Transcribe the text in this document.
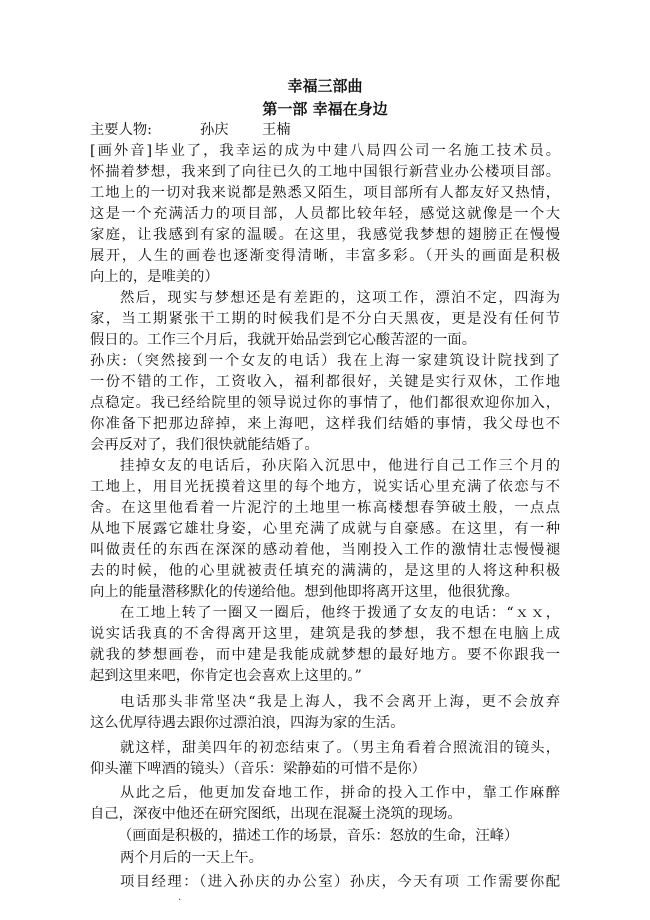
幸福三部曲

第一部 幸福在身边

主要人物:	孙庆 王楠

[画外音]毕业了，我幸运的成为中建八局四公司一名施工技术员。

怀揣着梦想，我来到了向往已久的工地中国银行新营业办公楼项目部。

工地上的一切对我来说都是熟悉又陌生，项目部所有人都友好又热情，

这是一个充满活力的项目部，人员都比较年轻，感觉这就像是一个大

家庭，让我感到有家的温暖。在这里，我感觉我梦想的翅膀正在慢慢

展开，人生的画卷也逐渐变得清晰，丰富多彩。（开头的画面是积极

向上的，是唯美的）

然后，现实与梦想还是有差距的，这项工作，漂泊不定，四海为

家，当工期紧张干工期的时候我们是不分白天黑夜，更是没有任何节

假日的。工作三个月后，我就开始品尝到它心酸苦涩的一面。

孙庆:（突然接到一个女友的电话）我在上海一家建筑设计院找到了

一份不错的工作，工资收入，福利都很好，关键是实行双休，工作地

点稳定。我已经给院里的领导说过你的事情了，他们都很欢迎你加入，

你准备下把那边辞掉，来上海吧，这样我们结婚的事情，我父母也不

会再反对了，我们很快就能结婚了。

挂掉女友的电话后，孙庆陷入沉思中，他进行自己工作三个月的

工地上，用目光抚摸着这里的每个地方，说实话心里充满了依恋与不

舍。在这里他看着一片泥泞的土地里一栋高楼想春笋破土般，一点点

从地下展露它雄壮身姿，心里充满了成就与自豪感。在这里，有一种

叫做责任的东西在深深的感动着他，当刚投入工作的激情壮志慢慢褪

去的时候，他的心里就被责任填充的满满的，是这里的人将这种积极

向上的能量潜移默化的传递给他。想到他即将离开这里，他很犹豫。

在工地上转了一圈又一圈后，他终于拨通了女友的电话：“ｘｘ，

说实话我真的不舍得离开这里，建筑是我的梦想，我不想在电脑上成

就我的梦想画卷，而中建是我能成就梦想的最好地方。要不你跟我一

起到这里来吧，你肯定也会喜欢上这里的。”

电话那头非常坚决“我是上海人，我不会离开上海，更不会放弃

这么优厚待遇去跟你过漂泊浪，四海为家的生活。

就这样，甜美四年的初恋结束了。（男主角看着合照流泪的镜头，

仰头灌下啤酒的镜头）（音乐：梁静茹的可惜不是你）

从此之后，他更加发奋地工作，拼命的投入工作中，靠工作麻醉

自己，深夜中他还在研究图纸，出现在混凝土浇筑的现场。

（画面是积极的，描述工作的场景，音乐：怒放的生命，汪峰）

两个月后的一天上午。

项目经理：（进入孙庆的办公室）孙庆，今天有项 工作需要你配

.
